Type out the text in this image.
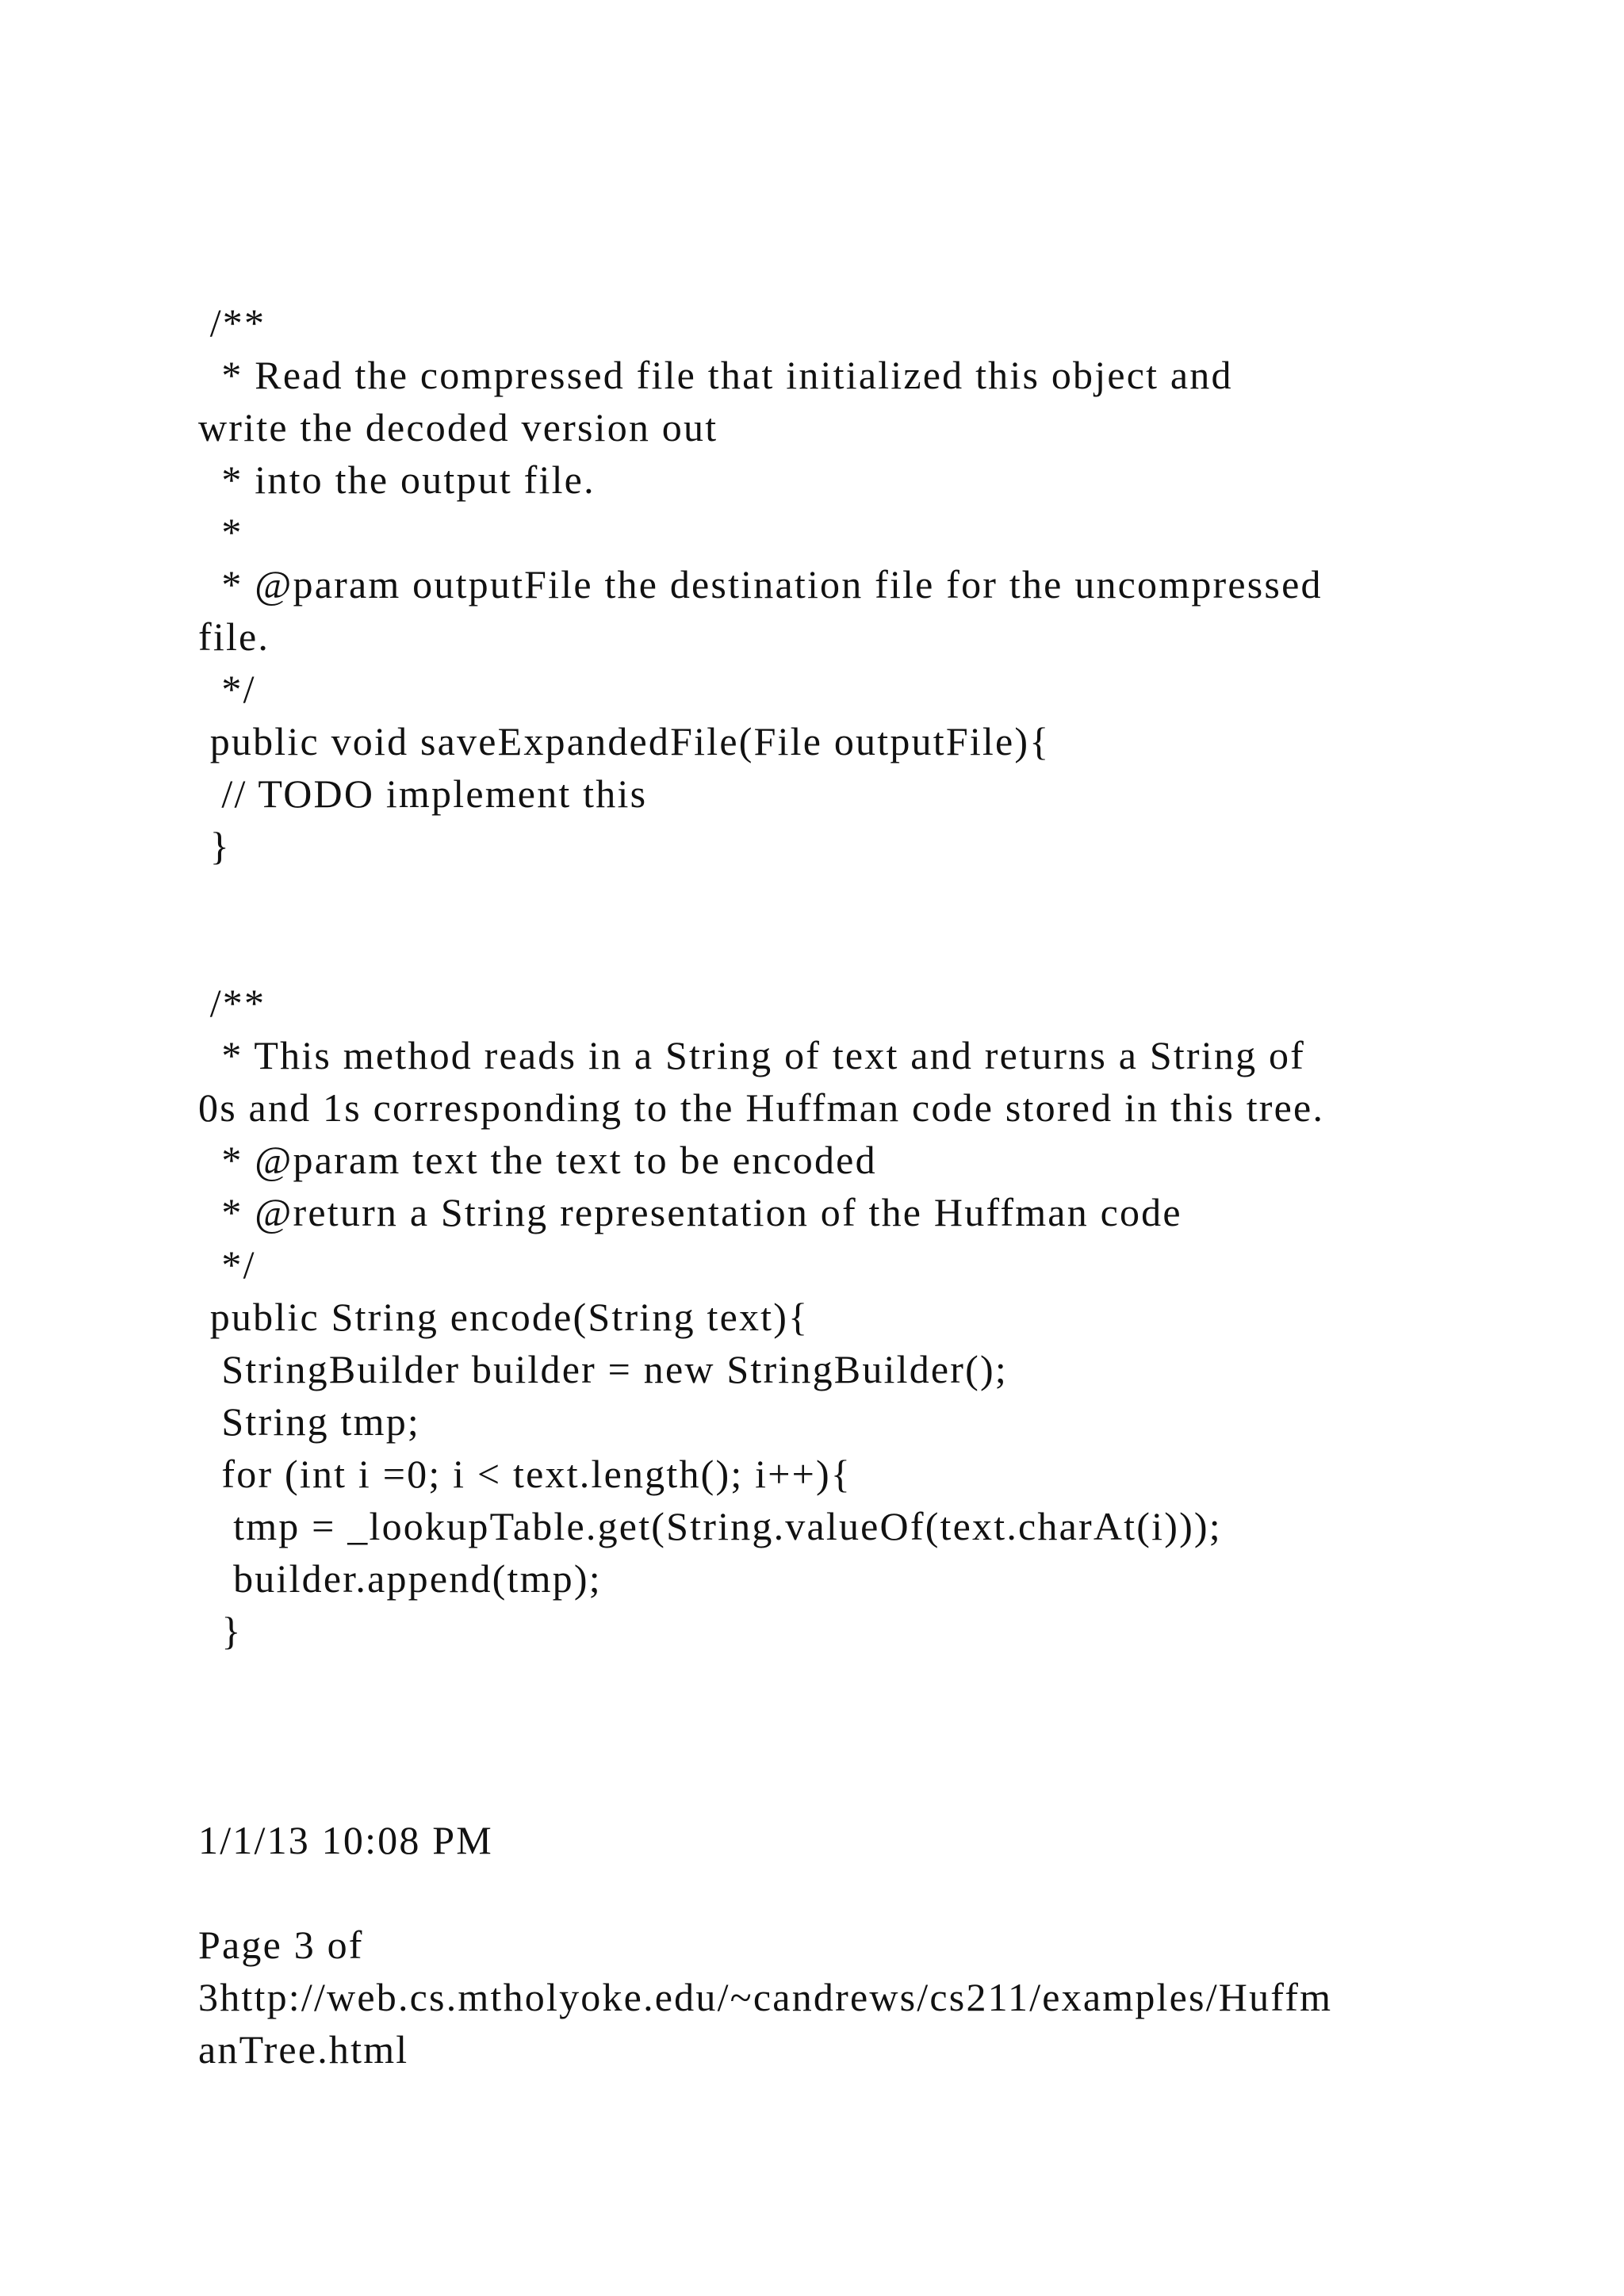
/**
* Read the compressed file that initialized this object and
write the decoded version out
* into the output file.
*
* @param outputFile the destination file for the uncompressed
file.
*/
public void saveExpandedFile(File outputFile){
// TODO implement this
}
/**
* This method reads in a String of text and returns a String of
0s and 1s corresponding to the Huffman code stored in this tree.
* @param text the text to be encoded
* @return a String representation of the Huffman code
*/
public String encode(String text){
StringBuilder builder = new StringBuilder();
String tmp;
for (int i =0; i < text.length(); i++){
tmp = _lookupTable.get(String.valueOf(text.charAt(i)));
builder.append(tmp);
}
1/1/13 10:08 PM
Page 3 of
3http://web.cs.mtholyoke.edu/~candrews/cs211/examples/Huffm
anTree.html
